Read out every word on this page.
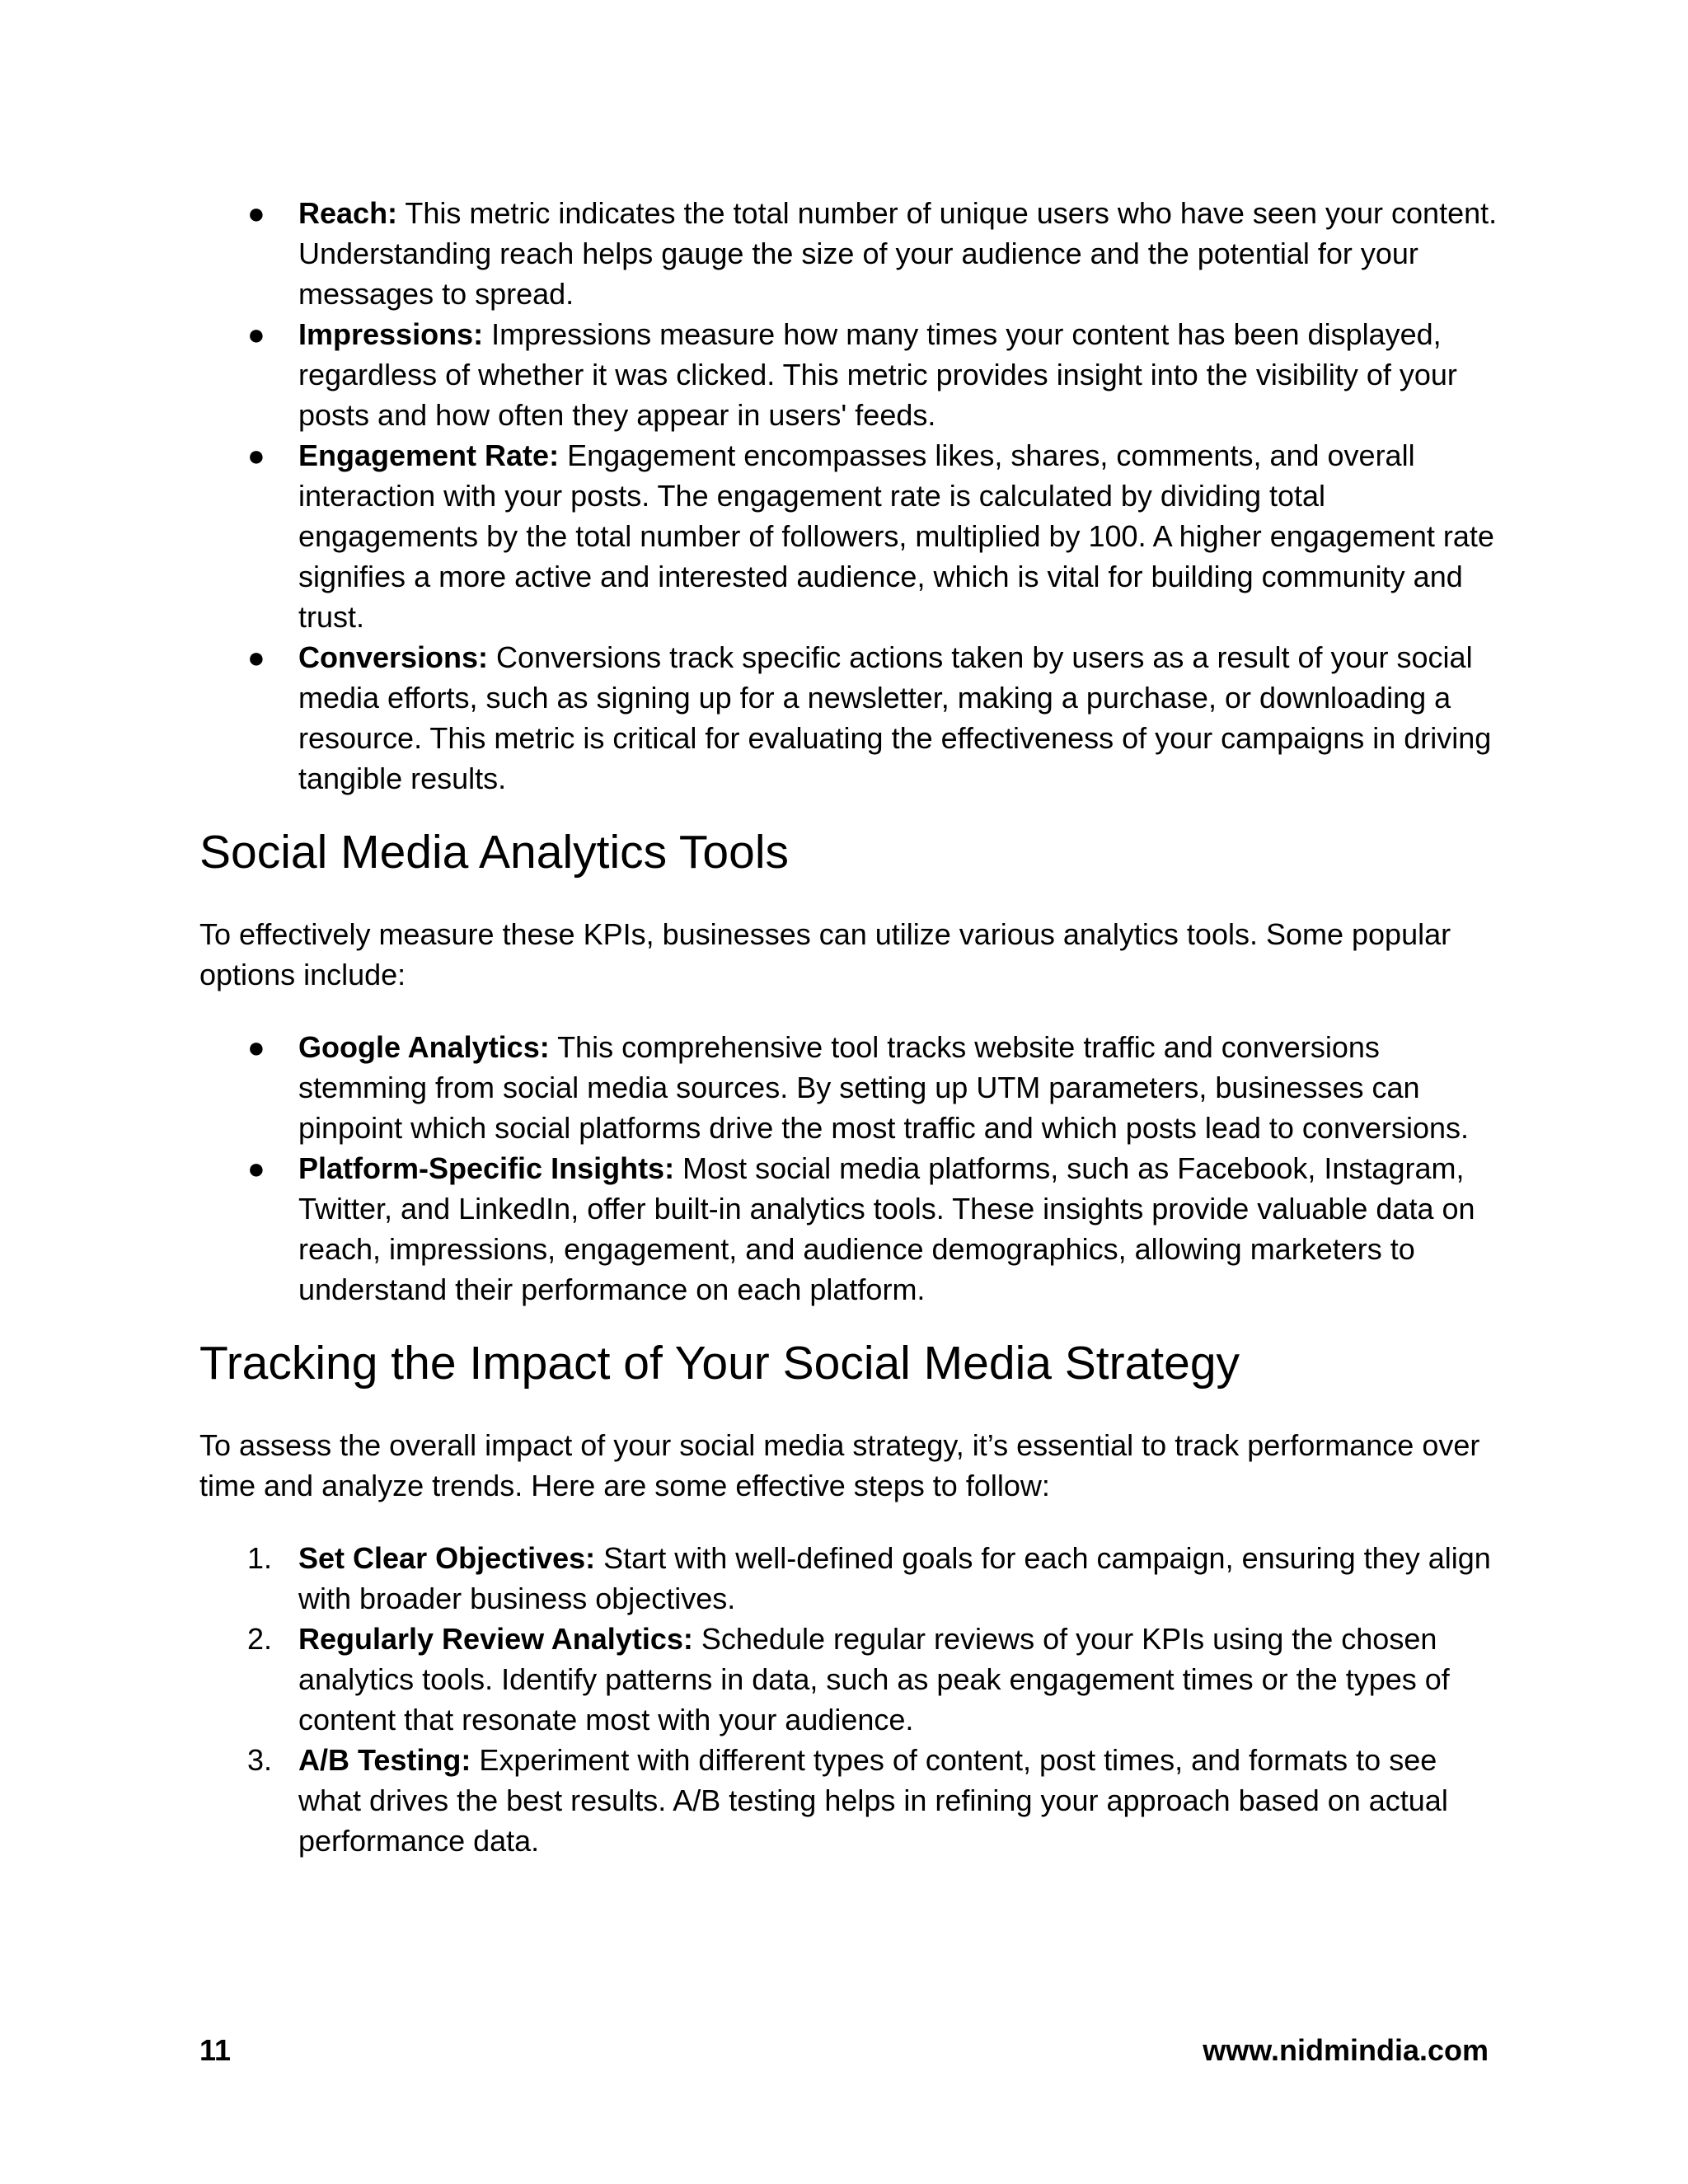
●	Reach: This metric indicates the total number of unique users who have seen your content. Understanding reach helps gauge the size of your audience and the potential for your messages to spread.
●	Impressions: Impressions measure how many times your content has been displayed, regardless of whether it was clicked. This metric provides insight into the visibility of your posts and how often they appear in users' feeds.
●	Engagement Rate: Engagement encompasses likes, shares, comments, and overall interaction with your posts. The engagement rate is calculated by dividing total engagements by the total number of followers, multiplied by 100. A higher engagement rate signifies a more active and interested audience, which is vital for building community and trust.
●	Conversions: Conversions track specific actions taken by users as a result of your social media efforts, such as signing up for a newsletter, making a purchase, or downloading a resource. This metric is critical for evaluating the effectiveness of your campaigns in driving tangible results.
Social Media Analytics Tools

To effectively measure these KPIs, businesses can utilize various analytics tools. Some popular options include:

●	Google Analytics: This comprehensive tool tracks website traffic and conversions stemming from social media sources. By setting up UTM parameters, businesses can pinpoint which social platforms drive the most traffic and which posts lead to conversions.
●	Platform-Specific Insights: Most social media platforms, such as Facebook, Instagram, Twitter, and LinkedIn, offer built-in analytics tools. These insights provide valuable data on reach, impressions, engagement, and audience demographics, allowing marketers to understand their performance on each platform.
Tracking the Impact of Your Social Media Strategy

To assess the overall impact of your social media strategy, it’s essential to track performance over time and analyze trends. Here are some effective steps to follow:

1. Set Clear Objectives: Start with well-defined goals for each campaign, ensuring they align with broader business objectives.
2. Regularly Review Analytics: Schedule regular reviews of your KPIs using the chosen analytics tools. Identify patterns in data, such as peak engagement times or the types of content that resonate most with your audience.
3. A/B Testing: Experiment with different types of content, post times, and formats to see what drives the best results. A/B testing helps in refining your approach based on actual performance data.
11	www.nidmindia.com
